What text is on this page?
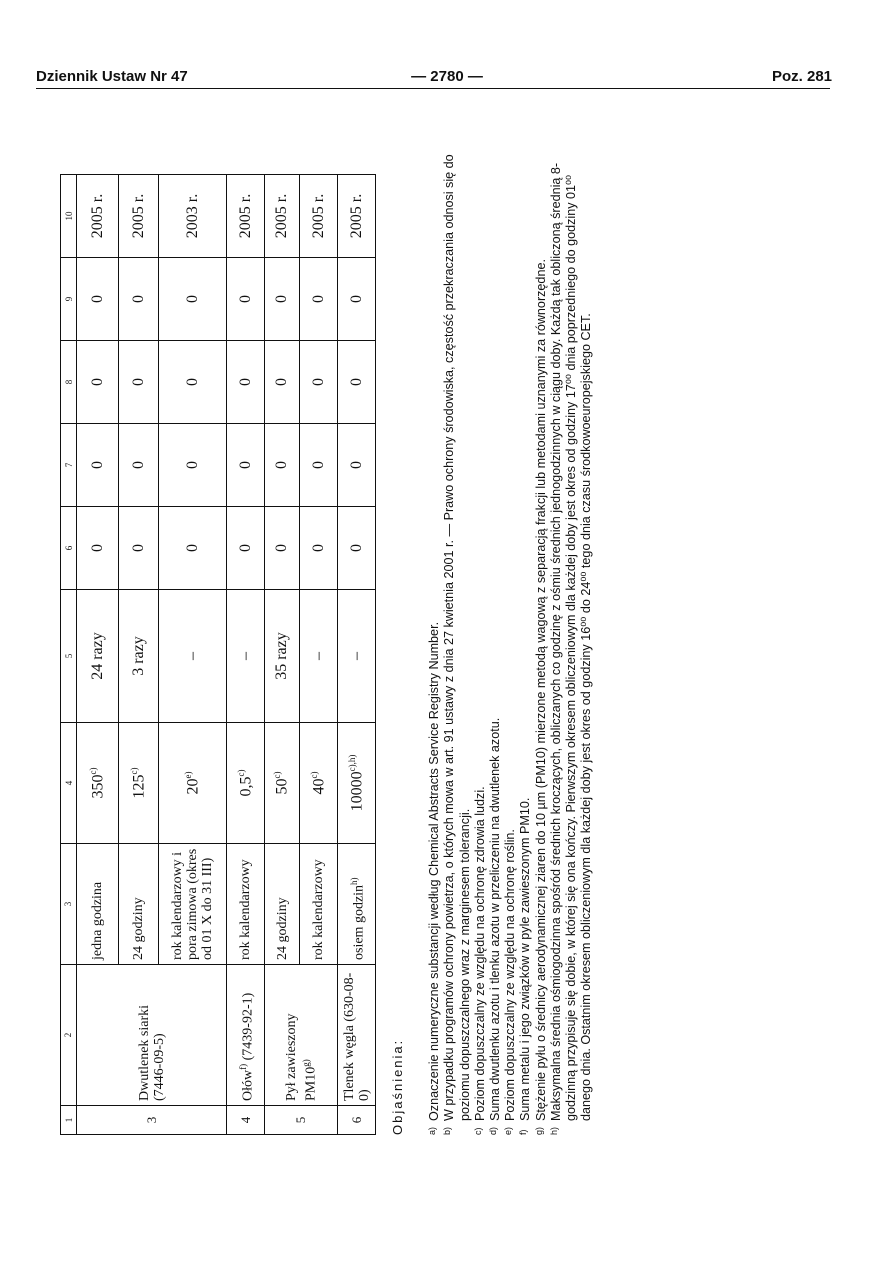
Dziennik Ustaw Nr 47	— 2780 —	Poz. 281
1	2	3	4	5	6	7	8	9	10
3	Dwutlenek siarki (7446-09-5)	jedna godzina	350$^{c)}$	24 razy	0	0	0	0	2005 r.
		24 godziny	125$^{c)}$	3 razy	0	0	0	0	2005 r.
		rok kalendarzowy i pora zimowa (okres od 01 X do 31 III)	20$^{e)}$	–	0	0	0	0	2003 r.
4	Ołów$^{f)}$ (7439-92-1)	rok kalendarzowy	0,5$^{c)}$	–	0	0	0	0	2005 r.
5	Pył zawieszony PM10$^{g)}$	24 godziny	50$^{c)}$	35 razy	0	0	0	0	2005 r.
		rok kalendarzowy	40$^{c)}$	–	0	0	0	0	2005 r.
6	Tlenek węgla (630-08-0)	osiem godzin$^{h)}$	$10000^{c),h)}$	–	0	0	0	0	2005 r.
Objaśnienia: a)
Oznaczenie numeryczne substancji według Chemical Abstracts Service Registry Number.
b)
W przypadku programów ochrony powietrza, o których mowa w art. 91 ustawy z dnia 27 kwietnia 2001 r. — Prawo ochrony środowiska, częstość przekraczania odnosi się do poziomu dopuszczalnego wraz z marginesem tolerancji.
c)
Poziom dopuszczalny ze względu na ochronę zdrowia ludzi.
d)
Suma dwutlenku azotu i tlenku azotu w przeliczeniu na dwutlenek azotu.
e)
Poziom dopuszczalny ze względu na ochronę roślin.
f)
Suma metalu i jego związków w pyle zawieszonym PM10.
g)
Stężenie pyłu o średnicy aerodynamicznej ziaren do 10 µm (PM10) mierzone metodą wagową z separacją frakcji lub metodami uznanymi za równorzędne.
h)
Maksymalna średnia ośmiogodzinna spośród średnich kroczących, obliczanych co godzinę z ośmiu średnich jednogodzinnych w ciągu doby. Każdą tak obliczoną średnią 8-godzinną przypisuje się dobie, w której się ona kończy. Pierwszym okresem obliczeniowym dla każdej doby jest okres od godziny 17⁰⁰ dnia poprzedniego do godziny 01⁰⁰ danego dnia. Ostatnim okresem obliczeniowym dla każdej doby jest okres od godziny 16⁰⁰ do 24⁰⁰ tego dnia czasu środkowoeuropejskiego CET.
